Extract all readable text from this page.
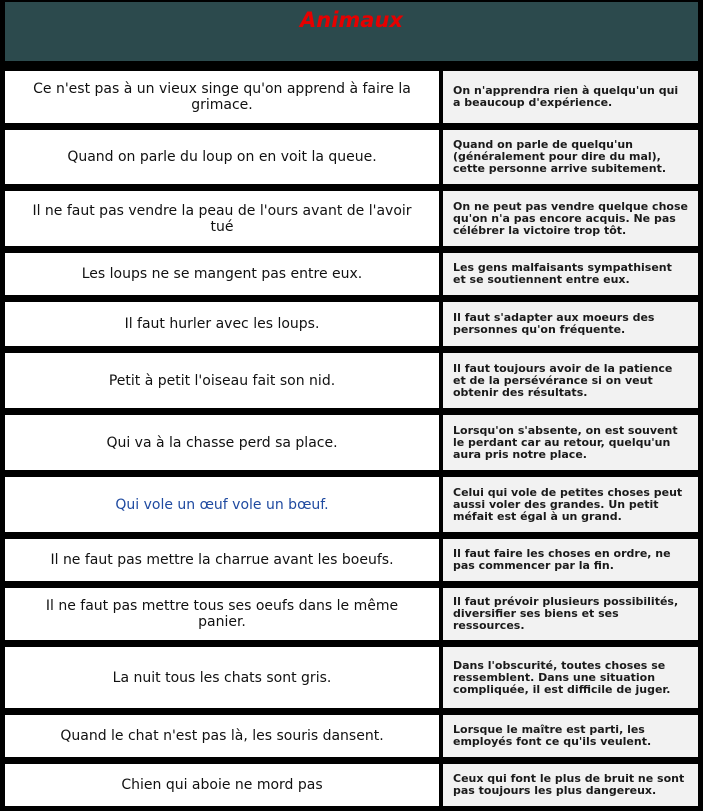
Animaux
Ce n'est pas à un vieux singe qu'on apprend à faire la grimace.	On n'apprendra rien à quelqu'un qui a beaucoup d'expérience.
Quand on parle du loup on en voit la queue.	Quand on parle de quelqu'un (généralement pour dire du mal), cette personne arrive subitement.
Il ne faut pas vendre la peau de l'ours avant de l'avoir tué	On ne peut pas vendre quelque chose qu'on n'a pas encore acquis. Ne pas célébrer la victoire trop tôt.
Les loups ne se mangent pas entre eux.	Les gens malfaisants sympathisent et se soutiennent entre eux.
Il faut hurler avec les loups.	Il faut s'adapter aux moeurs des personnes qu'on fréquente.
Petit à petit l'oiseau fait son nid.	Il faut toujours avoir de la patience et de la persévérance si on veut obtenir des résultats.
Qui va à la chasse perd sa place.	Lorsqu'on s'absente, on est souvent le perdant car au retour, quelqu'un aura pris notre place.
Qui vole un œuf vole un bœuf.	Celui qui vole de petites choses peut aussi voler des grandes. Un petit méfait est égal à un grand.
Il ne faut pas mettre la charrue avant les boeufs.	Il faut faire les choses en ordre, ne pas commencer par la fin.
Il ne faut pas mettre tous ses oeufs dans le même panier.	Il faut prévoir plusieurs possibilités, diversifier ses biens et ses ressources.
La nuit tous les chats sont gris.	Dans l'obscurité, toutes choses se ressemblent. Dans une situation compliquée, il est difficile de juger.
Quand le chat n'est pas là, les souris dansent.	Lorsque le maître est parti, les employés font ce qu'ils veulent.
Chien qui aboie ne mord pas	Ceux qui font le plus de bruit ne sont pas toujours les plus dangereux.
